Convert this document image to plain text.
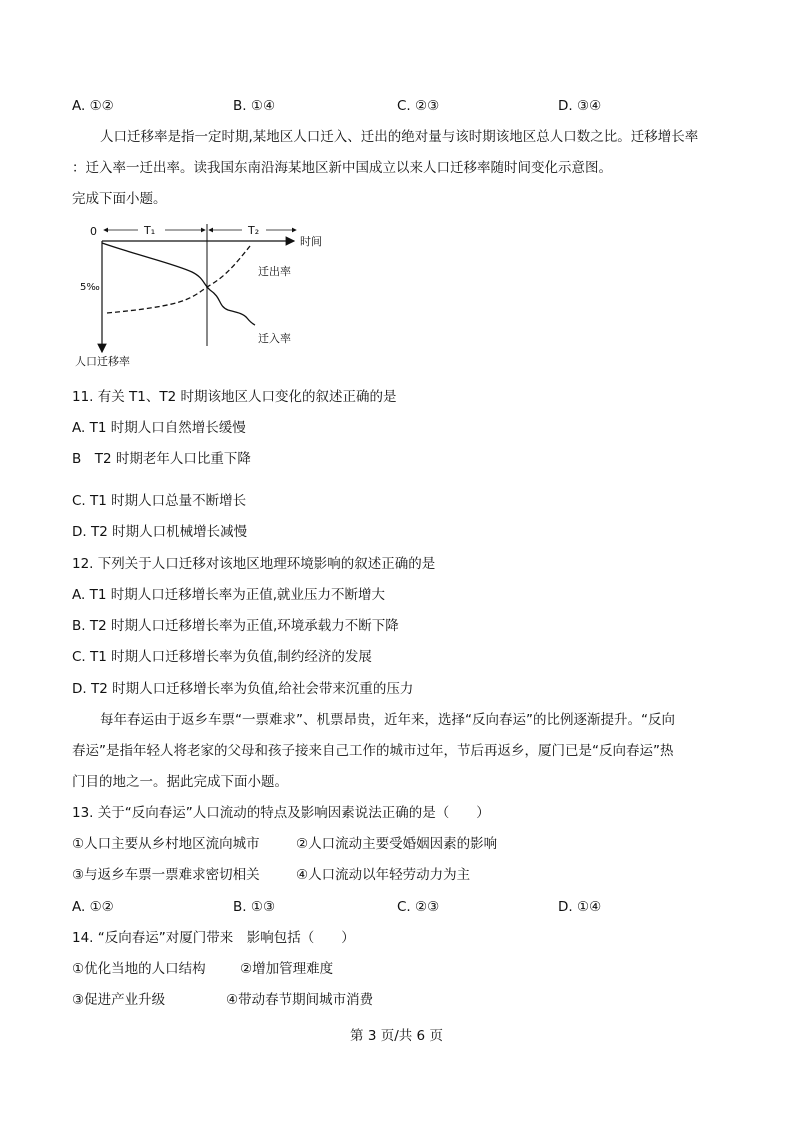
A. ①②	B. ①④	C. ②③	D. ③④
人口迁移率是指一定时期,某地区人口迁入、迁出的绝对量与该时期该地区总人口数之比。迁移增长率
：迁入率一迁出率。读我国东南沿海某地区新中国成立以来人口迁移率随时间变化示意图。
完成下面小题。
0
时间
T₁	T₂
5‰
迁出率
迁入率
人口迁移率
11. 有关 T1、T2 时期该地区人口变化的叙述正确的是
A. T1 时期人口自然增长缓慢
B　T2 时期老年人口比重下降
C. T1 时期人口总量不断增长
D. T2 时期人口机械增长减慢
12. 下列关于人口迁移对该地区地理环境影响的叙述正确的是
A. T1 时期人口迁移增长率为正值,就业压力不断增大
B. T2 时期人口迁移增长率为正值,环境承载力不断下降
C. T1 时期人口迁移增长率为负值,制约经济的发展
D. T2 时期人口迁移增长率为负值,给社会带来沉重的压力
每年春运由于返乡车票“一票难求”、机票昂贵，近年来，选择“反向春运”的比例逐渐提升。“反向
春运”是指年轻人将老家的父母和孩子接来自己工作的城市过年，节后再返乡，厦门已是“反向春运”热
门目的地之一。据此完成下面小题。
13. 关于“反向春运”人口流动的特点及影响因素说法正确的是（　　）
①人口主要从乡村地区流向城市	②人口流动主要受婚姻因素的影响
③与返乡车票一票难求密切相关	④人口流动以年轻劳动力为主
A. ①②	B. ①③	C. ②③	D. ①④
14. “反向春运”对厦门带来　影响包括（　　）
①优化当地的人口结构	②增加管理难度
③促进产业升级	④带动春节期间城市消费
第 3 页/共 6 页
